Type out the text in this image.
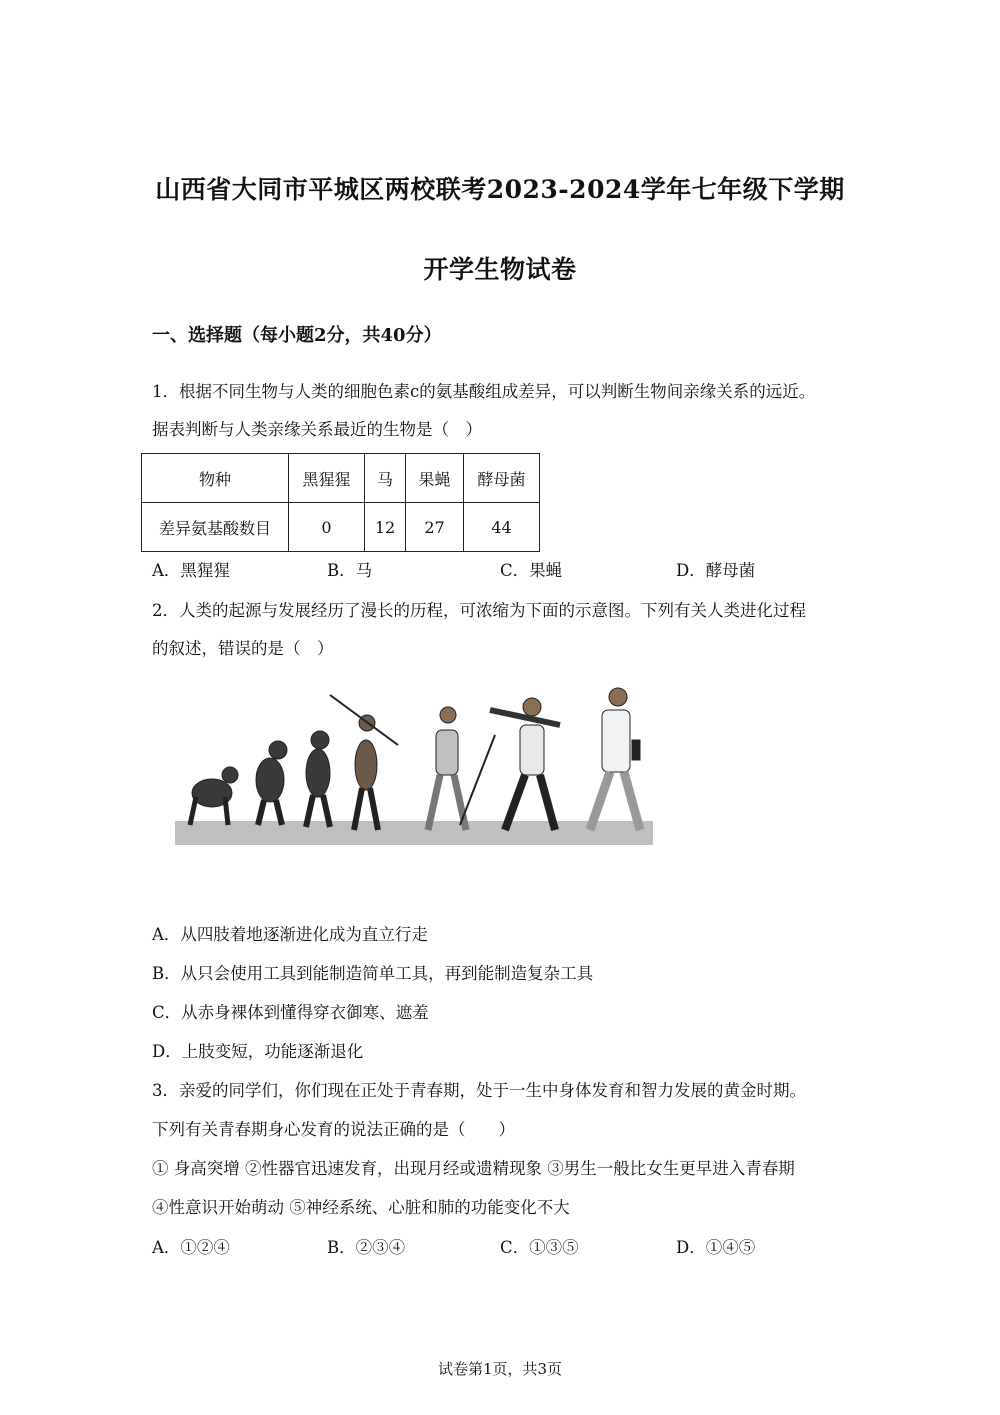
山西省大同市平城区两校联考2023-2024学年七年级下学期
开学生物试卷
一、选择题（每小题2分，共40分）
1．根据不同生物与人类的细胞色素c的氨基酸组成差异，可以判断生物间亲缘关系的远近。
据表判断与人类亲缘关系最近的生物是（　）
物种	黑猩猩	马	果蝇	酵母菌
差异氨基酸数目	0	12	27	44
A．黑猩猩	B．马	C．果蝇	D．酵母菌
2．人类的起源与发展经历了漫长的历程，可浓缩为下面的示意图。下列有关人类进化过程
的叙述，错误的是（　）
A．从四肢着地逐渐进化成为直立行走
B．从只会使用工具到能制造简单工具，再到能制造复杂工具
C．从赤身裸体到懂得穿衣御寒、遮羞
D．上肢变短，功能逐渐退化
3．亲爱的同学们，你们现在正处于青春期，处于一生中身体发育和智力发展的黄金时期。
下列有关青春期身心发育的说法正确的是（　　）
① 身高突增 ②性器官迅速发育，出现月经或遗精现象 ③男生一般比女生更早进入青春期
④性意识开始萌动 ⑤神经系统、心脏和肺的功能变化不大
A．①②④	B．②③④	C．①③⑤	D．①④⑤
试卷第1页，共3页
